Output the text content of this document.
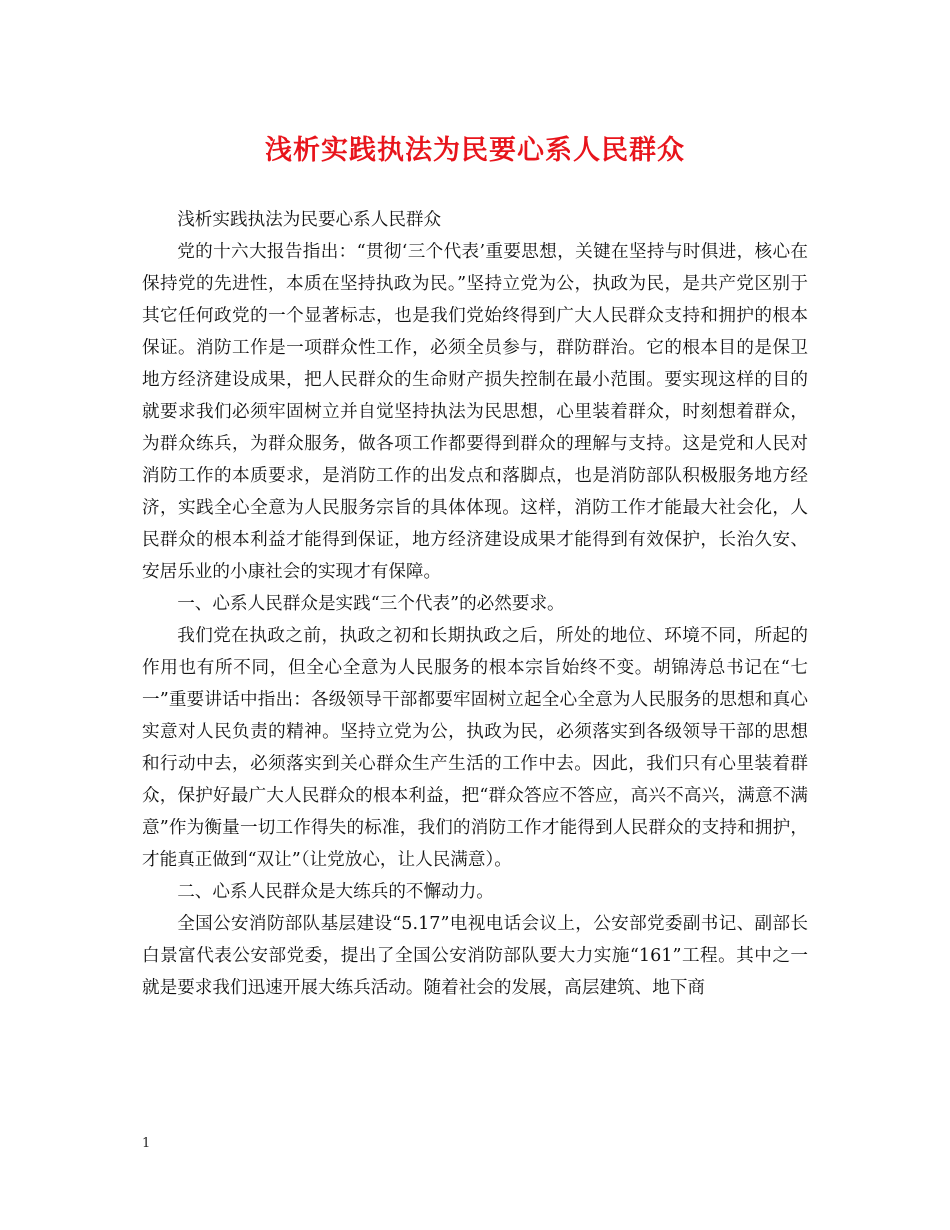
浅析实践执法为民要心系人民群众

浅析实践执法为民要心系人民群众

党的十六大报告指出：“贯彻‘三个代表’重要思想，关键在坚持与时俱进，核心在保持党的先进性，本质在坚持执政为民。”坚持立党为公，执政为民，是共产党区别于其它任何政党的一个显著标志，也是我们党始终得到广大人民群众支持和拥护的根本保证。消防工作是一项群众性工作，必须全员参与，群防群治。它的根本目的是保卫地方经济建设成果，把人民群众的生命财产损失控制在最小范围。要实现这样的目的就要求我们必须牢固树立并自觉坚持执法为民思想，心里装着群众，时刻想着群众，为群众练兵，为群众服务，做各项工作都要得到群众的理解与支持。这是党和人民对消防工作的本质要求，是消防工作的出发点和落脚点，也是消防部队积极服务地方经济，实践全心全意为人民服务宗旨的具体体现。这样，消防工作才能最大社会化，人民群众的根本利益才能得到保证，地方经济建设成果才能得到有效保护，长治久安、安居乐业的小康社会的实现才有保障。

一、心系人民群众是实践“三个代表”的必然要求。

我们党在执政之前，执政之初和长期执政之后，所处的地位、环境不同，所起的作用也有所不同，但全心全意为人民服务的根本宗旨始终不变。胡锦涛总书记在“七一”重要讲话中指出：各级领导干部都要牢固树立起全心全意为人民服务的思想和真心实意对人民负责的精神。坚持立党为公，执政为民，必须落实到各级领导干部的思想和行动中去，必须落实到关心群众生产生活的工作中去。因此，我们只有心里装着群众，保护好最广大人民群众的根本利益，把“群众答应不答应，高兴不高兴，满意不满意”作为衡量一切工作得失的标准，我们的消防工作才能得到人民群众的支持和拥护，才能真正做到“双让”（让党放心，让人民满意）。

二、心系人民群众是大练兵的不懈动力。

全国公安消防部队基层建设“5.17”电视电话会议上，公安部党委副书记、副部长白景富代表公安部党委，提出了全国公安消防部队要大力实施“161”工程。其中之一就是要求我们迅速开展大练兵活动。随着社会的发展，高层建筑、地下商

1
